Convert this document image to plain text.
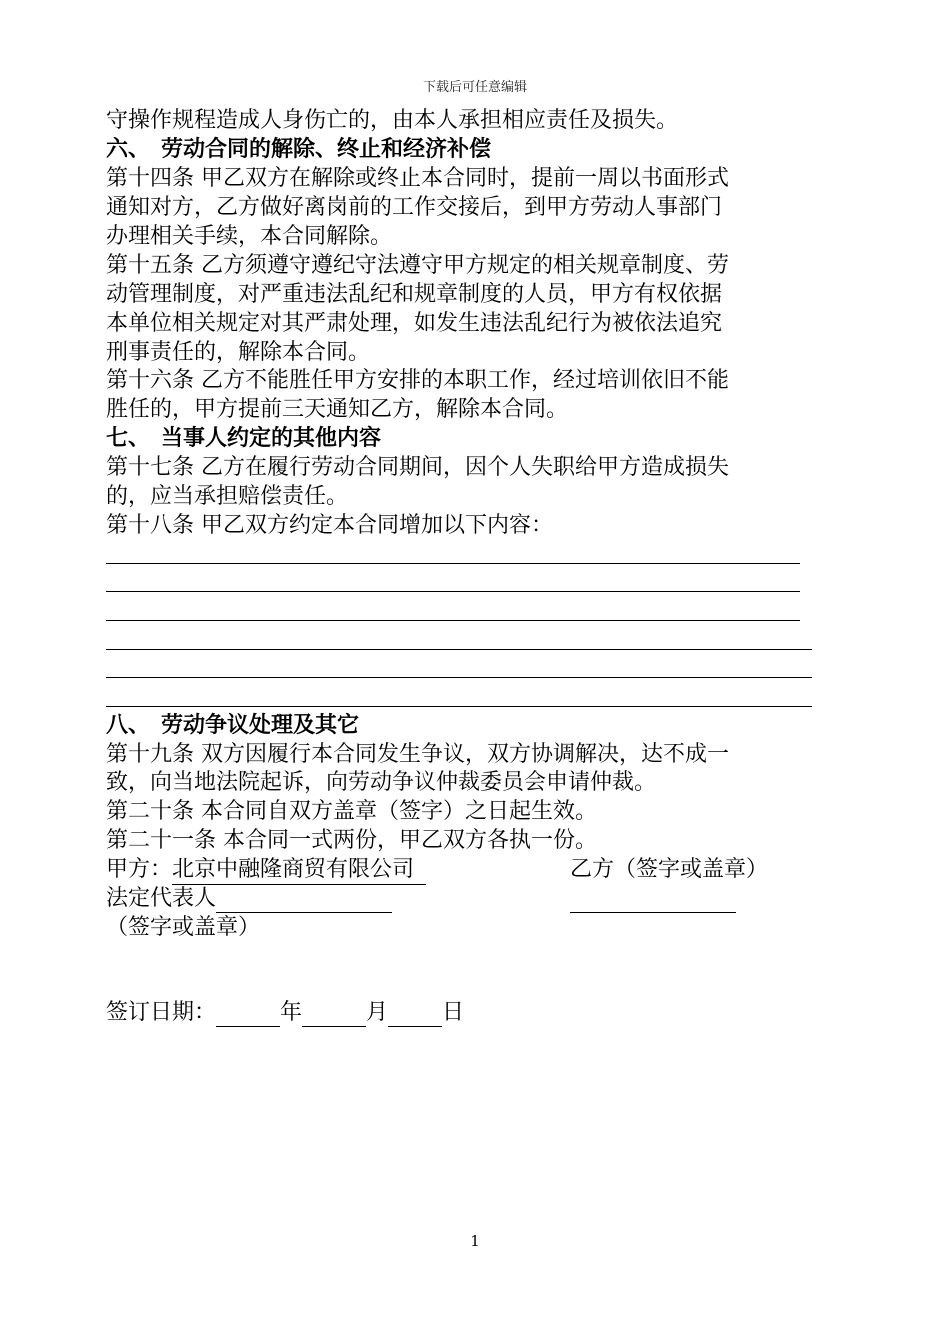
下载后可任意编辑
守操作规程造成人身伤亡的，由本人承担相应责任及损失。
六、　劳动合同的解除、终止和经济补偿
第十四条 甲乙双方在解除或终止本合同时，提前一周以书面形式
通知对方，乙方做好离岗前的工作交接后，到甲方劳动人事部门
办理相关手续，本合同解除。
第十五条 乙方须遵守遵纪守法遵守甲方规定的相关规章制度、劳
动管理制度，对严重违法乱纪和规章制度的人员，甲方有权依据
本单位相关规定对其严肃处理，如发生违法乱纪行为被依法追究
刑事责任的，解除本合同。
第十六条 乙方不能胜任甲方安排的本职工作，经过培训依旧不能
胜任的，甲方提前三天通知乙方，解除本合同。
七、　当事人约定的其他内容
第十七条 乙方在履行劳动合同期间，因个人失职给甲方造成损失
的，应当承担赔偿责任。
第十八条 甲乙双方约定本合同增加以下内容：
八、　劳动争议处理及其它
第十九条 双方因履行本合同发生争议，双方协调解决，达不成一
致，向当地法院起诉，向劳动争议仲裁委员会申请仲裁。
第二十条 本合同自双方盖章（签字）之日起生效。
第二十一条 本合同一式两份，甲乙双方各执一份。
甲方：北京中融隆商贸有限公司	乙方（签字或盖章）
法定代表人
（签字或盖章）
签订日期：	年	月 日
1
